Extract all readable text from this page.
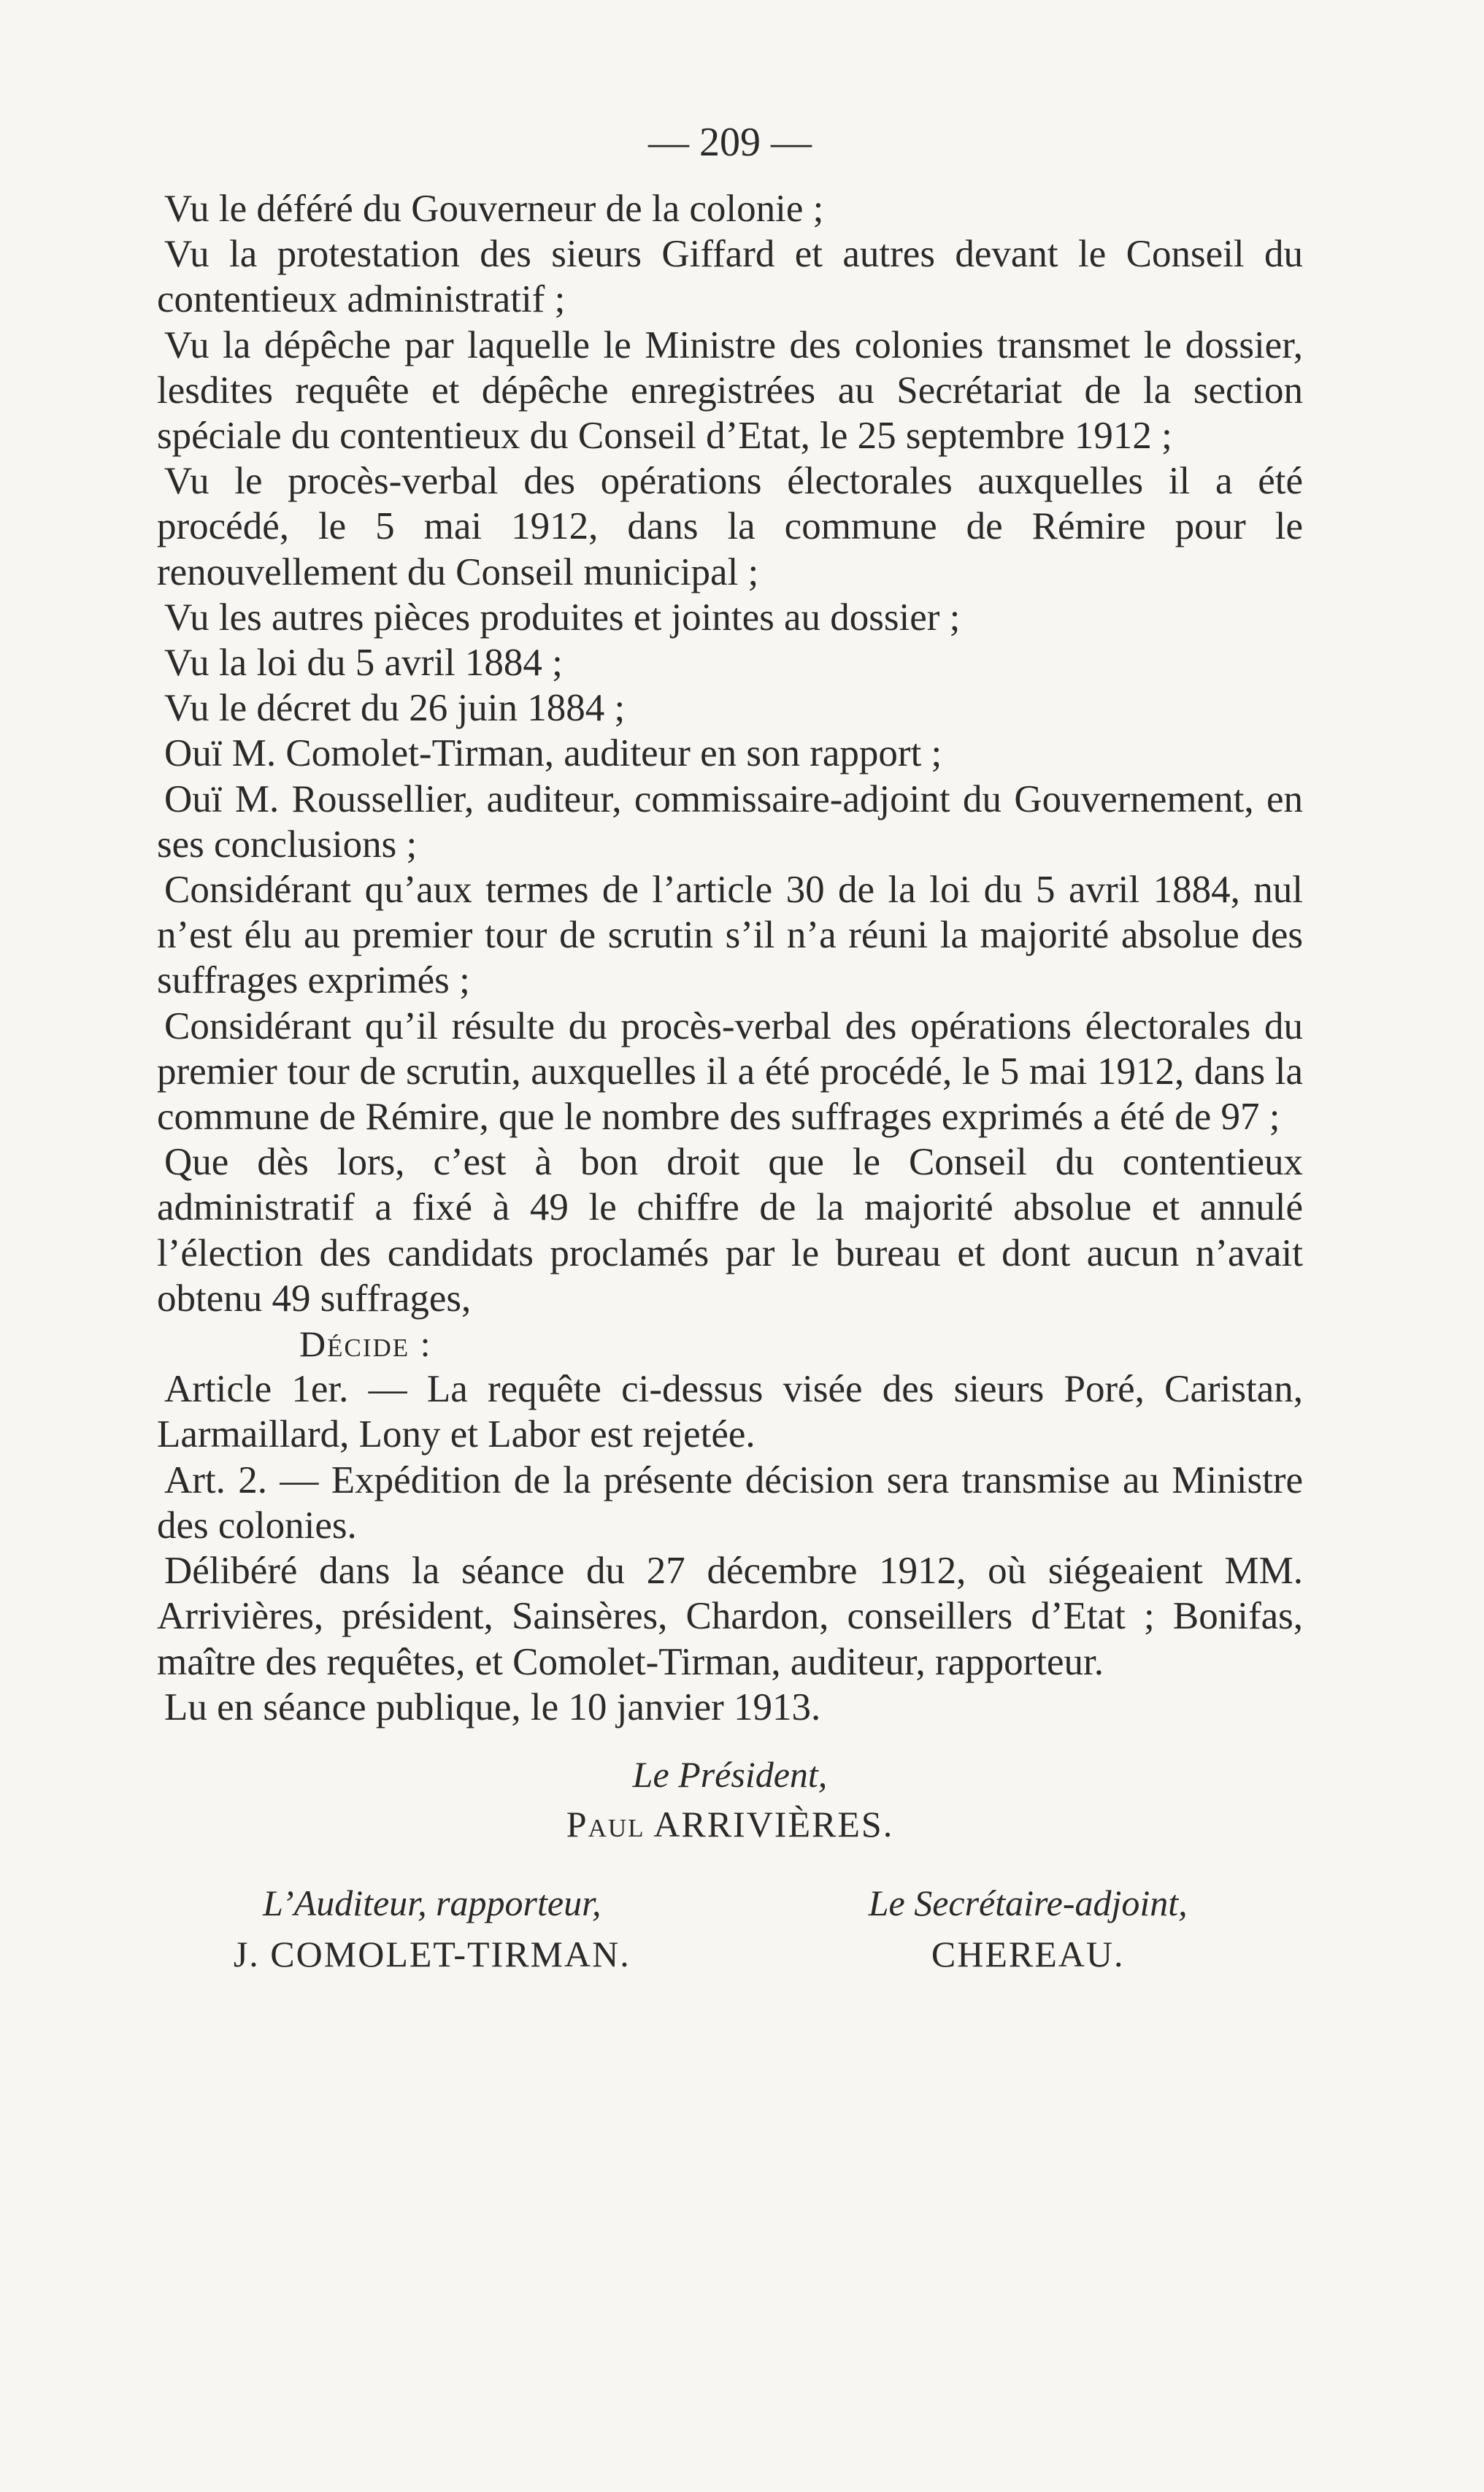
— 209 —

Vu le déféré du Gouverneur de la colonie ;

Vu la protestation des sieurs Giffard et autres devant le Conseil du contentieux administratif ;

Vu la dépêche par laquelle le Ministre des colonies transmet le dossier, lesdites requête et dépêche enregistrées au Secrétariat de la section spéciale du contentieux du Conseil d’Etat, le 25 septembre 1912 ;

Vu le procès-verbal des opérations électorales auxquelles il a été procédé, le 5 mai 1912, dans la commune de Rémire pour le renouvellement du Conseil municipal ;

Vu les autres pièces produites et jointes au dossier ;

Vu la loi du 5 avril 1884 ;

Vu le décret du 26 juin 1884 ;

Ouï M. Comolet-Tirman, auditeur en son rapport ;

Ouï M. Roussellier, auditeur, commissaire-adjoint du Gouvernement, en ses conclusions ;

Considérant qu’aux termes de l’article 30 de la loi du 5 avril 1884, nul n’est élu au premier tour de scrutin s’il n’a réuni la majorité absolue des suffrages exprimés ;

Considérant qu’il résulte du procès-verbal des opérations électorales du premier tour de scrutin, auxquelles il a été procédé, le 5 mai 1912, dans la commune de Rémire, que le nombre des suffrages exprimés a été de 97 ;

Que dès lors, c’est à bon droit que le Conseil du contentieux administratif a fixé à 49 le chiffre de la majorité absolue et annulé l’élection des candidats proclamés par le bureau et dont aucun n’avait obtenu 49 suffrages,

Décide :

Article 1er. — La requête ci-dessus visée des sieurs Poré, Caristan, Larmaillard, Lony et Labor est rejetée.

Art. 2. — Expédition de la présente décision sera transmise au Ministre des colonies.

Délibéré dans la séance du 27 décembre 1912, où siégeaient MM. Arrivières, président, Sainsères, Chardon, conseillers d’Etat ; Bonifas, maître des requêtes, et Comolet-Tirman, auditeur, rapporteur.

Lu en séance publique, le 10 janvier 1913.

Le Président,
Paul ARRIVIÈRES.
L’Auditeur, rapporteur,
J. COMOLET-TIRMAN.
Le Secrétaire-adjoint,
CHEREAU.
